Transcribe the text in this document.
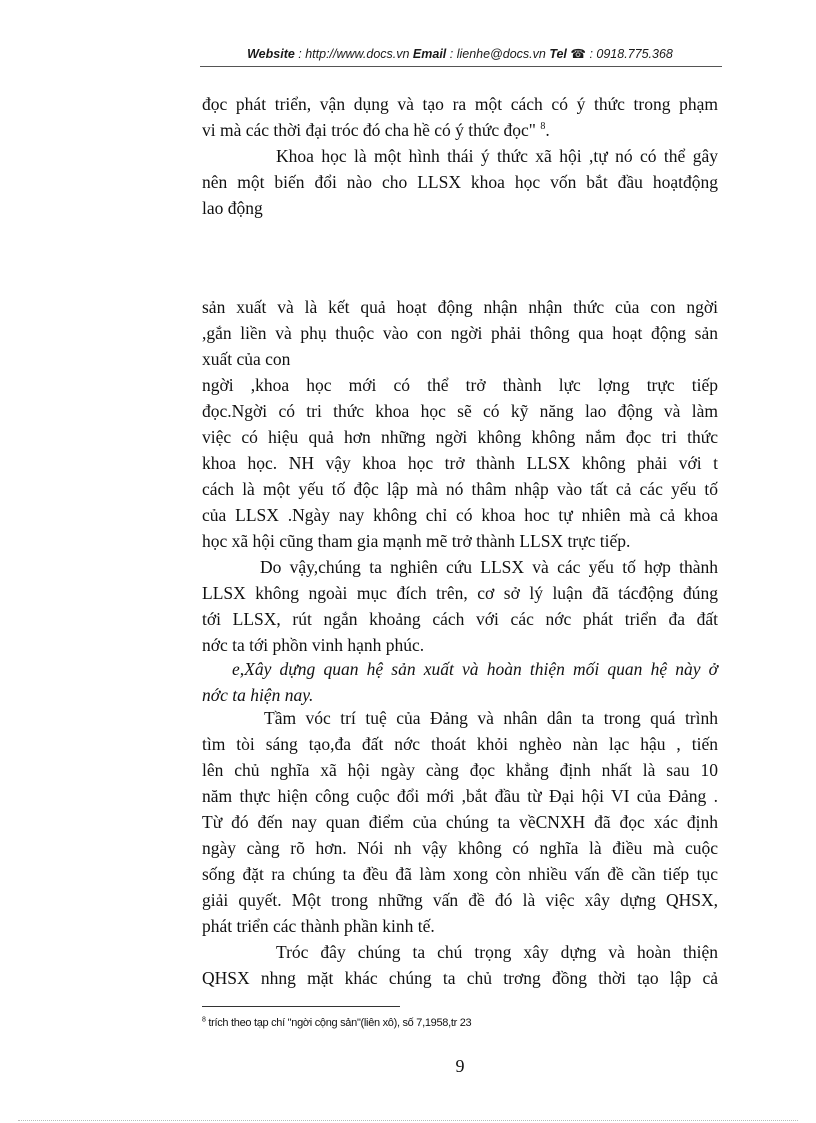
Website : http://www.docs.vn Email : lienhe@docs.vn Tel ☎ : 0918.775.368
đọc phát triển, vận dụng và tạo ra một cách có ý thức trong phạm
vi mà các thời đại tróc đó cha hề có ý thức đọc" $^8$.
Khoa học là một hình thái ý thức xã hội ,tự nó có thể gây
nên một biến đổi nào cho LLSX khoa học vốn bắt đầu hoạtđộng
lao động
sản xuất và là kết quả hoạt động nhận nhận thức của con ngời
,gắn liền và phụ thuộc vào con ngời phải thông qua hoạt động sản
xuất của con
ngời ,khoa học mới có thể trở thành lực lợng trực tiếp
đọc.Ngời có tri thức khoa học sẽ có kỹ năng lao động và làm
việc có hiệu quả hơn những ngời không không nắm đọc tri thức
khoa học. NH vậy khoa học trở thành LLSX không phải với t
cách là một yếu tố độc lập mà nó thâm nhập vào tất cả các yếu tố
của LLSX .Ngày nay không chỉ có khoa hoc tự nhiên mà cả khoa
học xã hội cũng tham gia mạnh mẽ trở thành LLSX trực tiếp.
Do vậy,chúng ta nghiên cứu LLSX và các yếu tố hợp thành
LLSX không ngoài mục đích trên, cơ sở lý luận đã tácđộng đúng
tới LLSX, rút ngắn khoảng cách với các nớc phát triển đa đất
nớc ta tới phồn vinh hạnh phúc.
e,Xây dựng quan hệ sản xuất và hoàn thiện mối quan hệ này ở
nớc ta hiện nay.
Tầm vóc trí tuệ của Đảng và nhân dân ta trong quá trình
tìm tòi sáng tạo,đa đất nớc thoát khỏi nghèo nàn lạc hậu , tiến
lên chủ nghĩa xã hội ngày càng đọc khẳng định nhất là sau 10
năm thực hiện công cuộc đổi mới ,bắt đầu từ Đại hội VI của Đảng .
Từ đó đến nay quan điểm của chúng ta vềCNXH đã đọc xác định
ngày càng rõ hơn. Nói nh vậy không có nghĩa là điều mà cuộc
sống đặt ra chúng ta đều đã làm xong còn nhiều vấn đề cần tiếp tục
giải quyết. Một trong những vấn đề đó là việc xây dựng QHSX,
phát triển các thành phần kinh tế.
Tróc đây chúng ta chú trọng xây dựng và hoàn thiện
QHSX nhng mặt khác chúng ta chủ trơng đồng thời tạo lập cả
$^8$ trích theo tạp chí "ngời cộng sản"(liên xô), số 7,1958,tr 23
9
